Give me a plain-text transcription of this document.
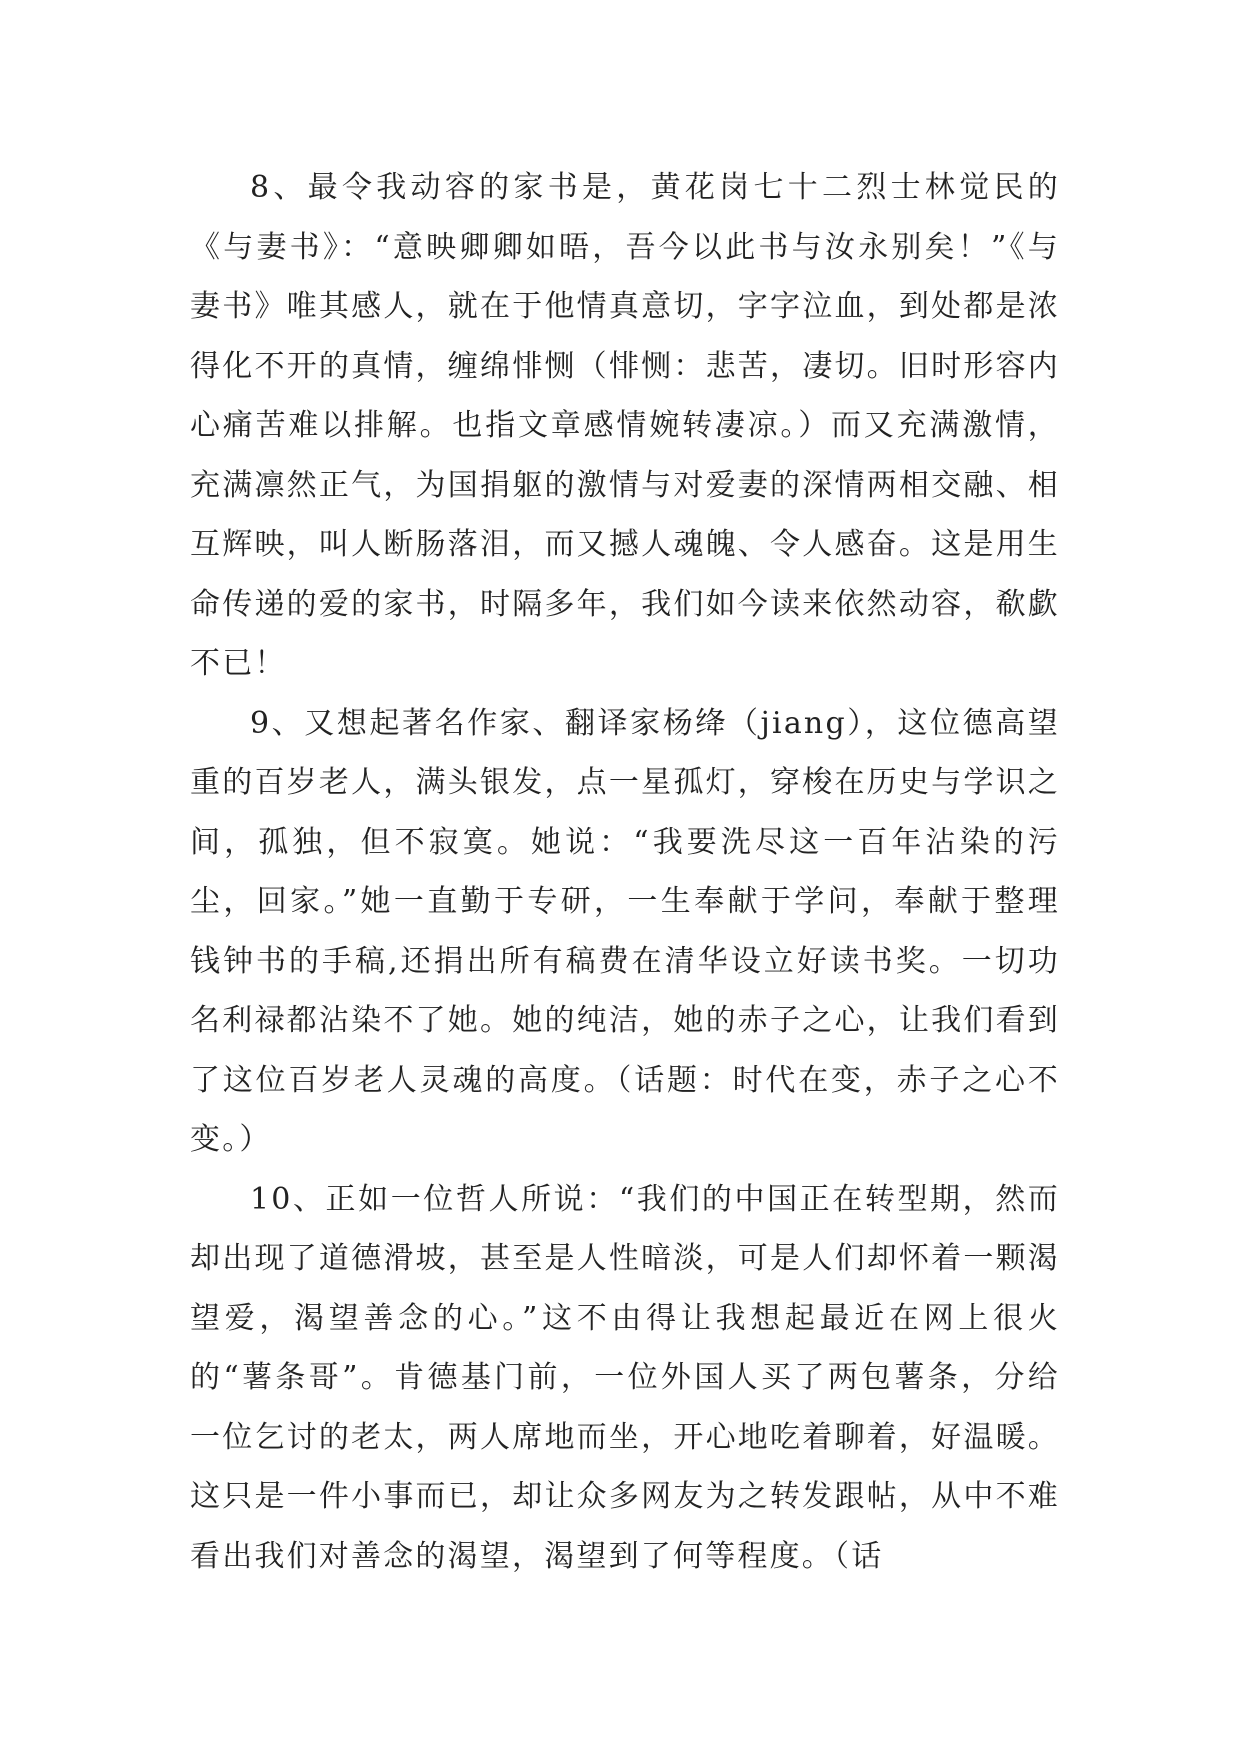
8、最令我动容的家书是，黄花岗七十二烈士林觉民的《与妻书》：“意映卿卿如晤，吾今以此书与汝永别矣！”《与妻书》唯其感人，就在于他情真意切，字字泣血，到处都是浓得化不开的真情，缠绵悱恻（悱恻：悲苦，凄切。旧时形容内心痛苦难以排解。也指文章感情婉转凄凉。）而又充满激情，充满凛然正气，为国捐躯的激情与对爱妻的深情两相交融、相互辉映，叫人断肠落泪，而又撼人魂魄、令人感奋。这是用生命传递的爱的家书，时隔多年，我们如今读来依然动容，欷歔不已！

9、又想起著名作家、翻译家杨绛（jiang），这位德高望重的百岁老人，满头银发，点一星孤灯，穿梭在历史与学识之间，孤独，但不寂寞。她说：“我要洗尽这一百年沾染的污尘，回家。”她一直勤于专研，一生奉献于学问，奉献于整理钱钟书的手稿,还捐出所有稿费在清华设立好读书奖。一切功名利禄都沾染不了她。她的纯洁，她的赤子之心，让我们看到了这位百岁老人灵魂的高度。（话题：时代在变，赤子之心不变。）

10、正如一位哲人所说：“我们的中国正在转型期，然而却出现了道德滑坡，甚至是人性暗淡，可是人们却怀着一颗渴望爱，渴望善念的心。”这不由得让我想起最近在网上很火的“薯条哥”。肯德基门前，一位外国人买了两包薯条，分给一位乞讨的老太，两人席地而坐，开心地吃着聊着，好温暖。这只是一件小事而已，却让众多网友为之转发跟帖，从中不难看出我们对善念的渴望，渴望到了何等程度。（话
